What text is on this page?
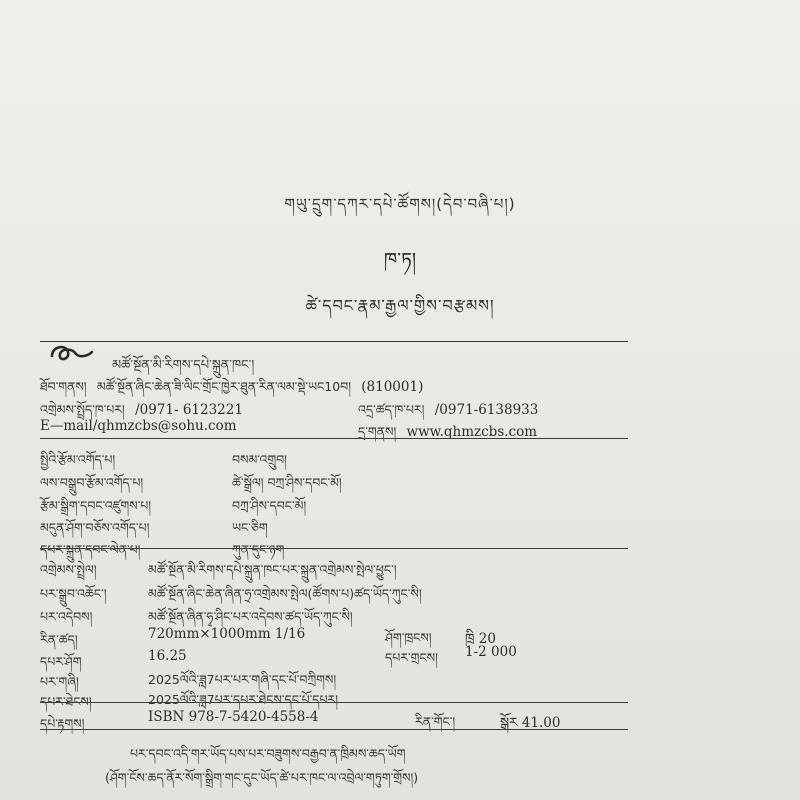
གཡུ་དྲུག་དཀར་དཔེ་ཚོགས།(དེབ་བཞི་པ།)
ཁ་ཏ།
ཚེ་དབང་རྣམ་རྒྱལ་གྱིས་བརྩམས།
མཚོ་སྔོན་མི་རིགས་དཔེ་སྐྲུན་ཁང་།
ཐོབ་གནས། མཚོ་སྔོན་ཞིང་ཆེན་ཟི་ལིང་གྲོང་ཁྱེར་ཐུན་རིན་ལམ་སྡེ་ཡང10བ། (810001)
འགྲེམས་སྤྲོད་ཁ་པར། /0971- 6123221	འདྲ་ཚད་ཁ་པར། /0971-6138933
E—mail/qhmzcbs@sohu.com	དྲ་གནས། www.qhmzcbs.com
སྤྱིའི་རྩོམ་འགོད་པ།	བསམ་འགྲུབ།
ལས་བསྒྲུབ་རྩོམ་འགོད་པ།	ཚེ་སྒྲོལ། བཀྲ་ཤིས་དབང་མོ།
རྩོམ་སྒྲིག་དབང་འཛུགས་པ།	བཀྲ་ཤིས་དབང་མོ།
མདུན་ཤོག་བཅོས་འགོད་པ།	ཡང་ཅིག
དཔར་སྐྲུན་དབང་ལེན་པ།	ཀུན་དུང་ཉག
འགྲེམས་སྤྲེལ།	མཚོ་སྔོན་མི་རིགས་དཔེ་སྐྲུན་ཁང་པར་སྐྲུན་འགྲེམས་སྤེལ་ཕྱུང་།
པར་སྒྲུབ་འཆོང་།	མཚོ་སྔོན་ཞིང་ཆེན་ཞིན་ཧྲ་འགྲེམས་སྤེལ(ཚོགས་པ)ཚད་ཡོད་ཀུང་སི།
པར་འདེབས།	མཚོ་སྔོན་ཞིན་ཧྭ་ཤིང་པར་འདེབས་ཚད་ཡོད་ཀུང་སི།
རིན་ཚད།	720mm×1000mm 1/16	ཤོག་ཁྲངས། ཁྲི 20
དཔར་ཤོག	16.25	དཔར་གྲངས། 1-2 000
པར་གཞི།	2025ལོའི་ཟླ7པར་པར་གཞི་དང་པོ་བཀྲིགས།
དཔར་ཐེངས།	2025ལོའི་ཟླ7པར་དཔར་ཐེངས་དང་པོ་དཔར།
དཔེ་རྟགས།	ISBN 978-7-5420-4558-4	རིན་གོང་།	སྒོར 41.00
པར་དབང་འདི་གར་ཡོད་པས་པར་བཟུགས་བརྒྱབ་ན་ཁྲིམས་ཆད་ཡོག
(ཤོག་ངོས་ཆད་ནོར་སོག་སྒྲིག་གང་དུང་ཡོད་ཚེ་པར་ཁང་ལ་འབྲེལ་གཏུག་གྲོས།)
